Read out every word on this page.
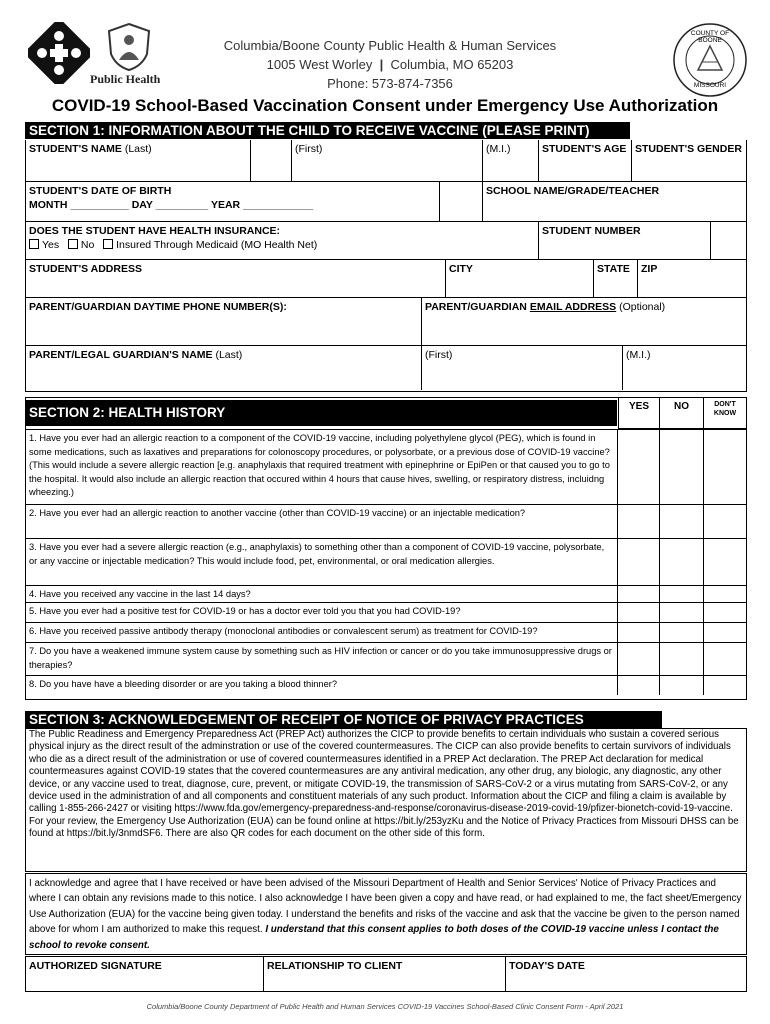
Public Health
COUNTY OF BOONE
MISSOURI
Columbia/Boone County Public Health & Human Services
1005 West Worley | Columbia, MO 65203
Phone: 573-874-7356
COVID-19 School-Based Vaccination Consent under Emergency Use Authorization
SECTION 1: INFORMATION ABOUT THE CHILD TO RECEIVE VACCINE (PLEASE PRINT)
STUDENT'S NAME (Last)	(First)	(M.I.)	STUDENT'S AGE STUDENT'S GENDER
STUDENT'S DATE OF BIRTH
MONTH __________ DAY _________ YEAR ____________
SCHOOL NAME/GRADE/TEACHER
DOES THE STUDENT HAVE HEALTH INSURANCE:
Yes No Insured Through Medicaid (MO Health Net)
STUDENT NUMBER
STUDENT'S ADDRESS	CITY	STATE	ZIP
PARENT/GUARDIAN DAYTIME PHONE NUMBER(S):	PARENT/GUARDIAN EMAIL ADDRESS (Optional)
PARENT/LEGAL GUARDIAN'S NAME (Last)	(First)	(M.I.)
SECTION 2: HEALTH HISTORY	YES	NO	DON'T KNOW
1. Have you ever had an allergic reaction to a component of the COVID-19 vaccine, including polyethylene glycol (PEG), which is found in some medications, such as laxatives and preparations for colonoscopy procedures, or polysorbate, or a previous dose of COVID-19 vaccine? (This would include a severe allergic reaction [e.g. anaphylaxis that required treatment with epinephrine or EpiPen or that caused you to go to the hospital. It would also include an allergic reaction that occured within 4 hours that cause hives, swelling, or respiratory distress, incluidng wheezing.)
2. Have you ever had an allergic reaction to another vaccine (other than COVID-19 vaccine) or an injectable medication?
3. Have you ever had a severe allergic reaction (e.g., anaphylaxis) to something other than a component of COVID-19 vaccine, polysorbate, or any vaccine or injectable medication? This would include food, pet, environmental, or oral medication allergies.
4. Have you received any vaccine in the last 14 days?
5. Have you ever had a positive test for COVID-19 or has a doctor ever told you that you had COVID-19?
6. Have you received passive antibody therapy (monoclonal antibodies or convalescent serum) as treatment for COVID-19?
7. Do you have a weakened immune system cause by something such as HIV infection or cancer or do you take immunosuppressive drugs or therapies?
8. Do you have have a bleeding disorder or are you taking a blood thinner?
SECTION 3: ACKNOWLEDGEMENT OF RECEIPT OF NOTICE OF PRIVACY PRACTICES

The Public Readiness and Emergency Preparedness Act (PREP Act) authorizes the CICP to provide benefits to certain individuals who sustain a covered serious physical injury as the direct result of the adminstration or use of the covered countermeasures. The CICP can also provide benefits to certain survivors of individuals who die as a direct result of the administration or use of covered countermeasures identified in a PREP Act declaration. The PREP Act declaration for medical countermeasures against COVID-19 states that the covered countermeasures are any antiviral medication, any other drug, any biologic, any diagnostic, any other device, or any vaccine used to treat, diagnose, cure, prevent, or mitigate COVID-19, the transmission of SARS-CoV-2 or a virus mutating from SARS-CoV-2, or any device used in the administration of and all components and constituent materials of any such product. Information about the CICP and filing a claim is available by calling 1-855-266-2427 or visiting https://www.fda.gov/emergency-preparedness-and-response/coronavirus-disease-2019-covid-19/pfizer-bionetch-covid-19-vaccine.

For your review, the Emergency Use Authorization (EUA) can be found online at https://bit.ly/253yzKu and the Notice of Privacy Practices from Missouri DHSS can be found at https://bit.ly/3nmdSF6. There are also QR codes for each document on the other side of this form.

I acknowledge and agree that I have received or have been advised of the Missouri Department of Health and Senior Services' Notice of Privacy Practices and where I can obtain any revisions made to this notice. I also acknowledge I have been given a copy and have read, or had explained to me, the fact sheet/Emergency Use Authorization (EUA) for the vaccine being given today. I understand the benefits and risks of the vaccine and ask that the vaccine be given to the person named above for whom I am authorized to make this request. I understand that this consent applies to both doses of the COVID-19 vaccine unless I contact the school to revoke consent.
AUTHORIZED SIGNATURE	RELATIONSHIP TO CLIENT	TODAY'S DATE
Columbia/Boone County Department of Public Health and Human Services COVID-19 Vaccines School-Based Clinic Consent Form - April 2021
